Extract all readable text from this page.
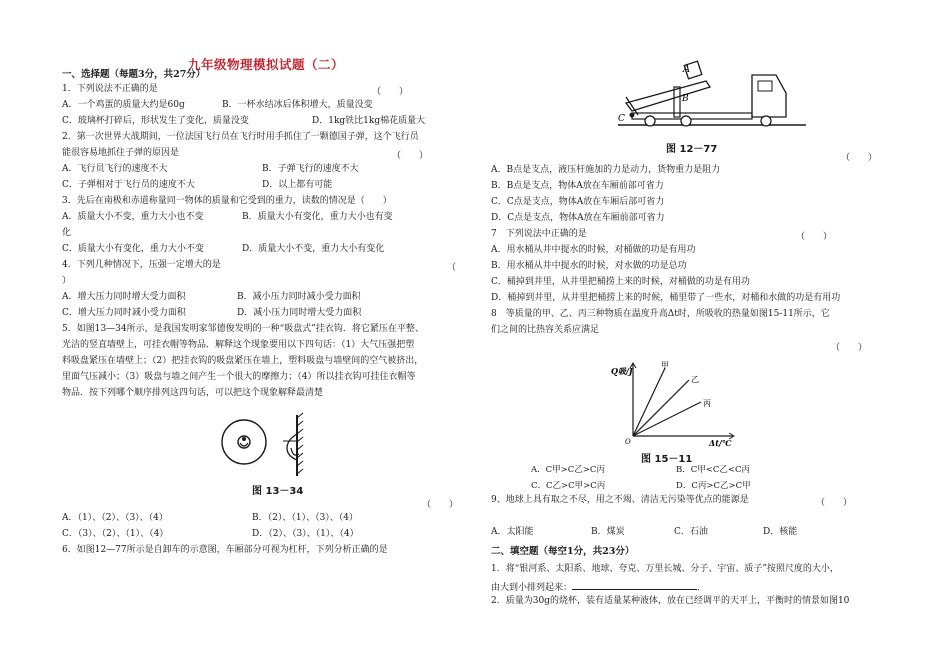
九年级物理模拟试题（二）
一、选择题（每题3分，共27分）
1．下列说法不正确的是	（　　）
A．一个鸡蛋的质量大约是60g	B．一杯水结冰后体积增大，质量没变
C．玻璃杯打碎后，形状发生了变化，质量没变	D．1kg铁比1kg棉花质量大
2．第一次世界大战期间，一位法国飞行员在飞行时用手抓住了一颗德国子弹，这个飞行员
能很容易地抓住子弹的原因是	（　　）
A．飞行员飞行的速度不大	B．子弹飞行的速度不大
C．子弹相对于飞行员的速度不大	D．以上都有可能
3．先后在南极和赤道称量同一物体的质量和它受到的重力，读数的情况是（　　）
A．质量大小不变，重力大小也不变	B．质量大小有变化，重力大小也有变
化
C．质量大小有变化，重力大小不变	D．质量大小不变，重力大小有变化
4．下列几种情况下，压强一定增大的是	（
）
A．增大压力同时增大受力面积	B．减小压力同时减小受力面积
C．增大压力同时减小受力面积	D．减小压力同时增大受力面积
5．如图13—34所示，是我国发明家邹德俊发明的一种“吸盘式”挂衣钩．将它紧压在平整、
光洁的竖直墙壁上，可挂衣帽等物品．解释这个现象要用以下四句话：（1）大气压强把塑
料吸盘紧压在墙壁上；（2）把挂衣钩的吸盘紧压在墙上，塑料吸盘与墙壁间的空气被挤出，
里面气压减小；（3）吸盘与墙之间产生一个很大的摩擦力；（4）所以挂衣钩可挂住衣帽等
物品．按下列哪个顺序排列这四句话，可以把这个现象解释最清楚
图 13－34
（　　）
A．（1）、（2）、（3）、（4）	B．（2）、（1）、（3）、（4）
C．（3）、（2）、（1）、（4）	D．（2）、（3）、（1）、（4）
6．如图12—77所示是自卸车的示意图，车厢部分可视为杠杆，下列分析正确的是
A
B
C
图 12－77
（　　）
A．B点是支点，液压杆施加的力是动力，货物重力是阻力
B．B点是支点，物体A放在车厢前部可省力
C．C点是支点，物体A放在车厢后部可省力
D．C点是支点，物体A放在车厢前部可省力
7　下列说法中正确的是	（　　）
A．用水桶从井中提水的时候，对桶做的功是有用功
B．用水桶从井中提水的时候，对水做的功是总功
C．桶掉到井里，从井里把桶捞上来的时候，对桶做的功是有用功
D．桶掉到井里，从井里把桶捞上来的时候，桶里带了一些水，对桶和水做的功是有用功
8　等质量的甲、乙、丙三种物质在温度升高Δt时，所吸收的热量如图15-11所示，它
们之间的比热容关系应满足
（　　）
Q吸/J
Δt/℃
甲
乙
丙
O
图 15－11
A．C甲>C乙>C丙	B．C甲<C乙<C丙
C．C乙>C甲>C丙	D．C丙>C乙>C甲
9、地球上具有取之不尽，用之不竭、清洁无污染等优点的能源是	（　　）
A．太阳能	B．煤炭	C．石油	D．核能
二、填空题（每空1分，共23分）
1．将“银河系、太阳系、地球、夸克、万里长城、分子、宇宙、质子”按照尺度的大小，
由大到小排列起来：	．
2．质量为30g的烧杯，装有适量某种液体，放在已经调平的天平上，平衡时的情景如图10
